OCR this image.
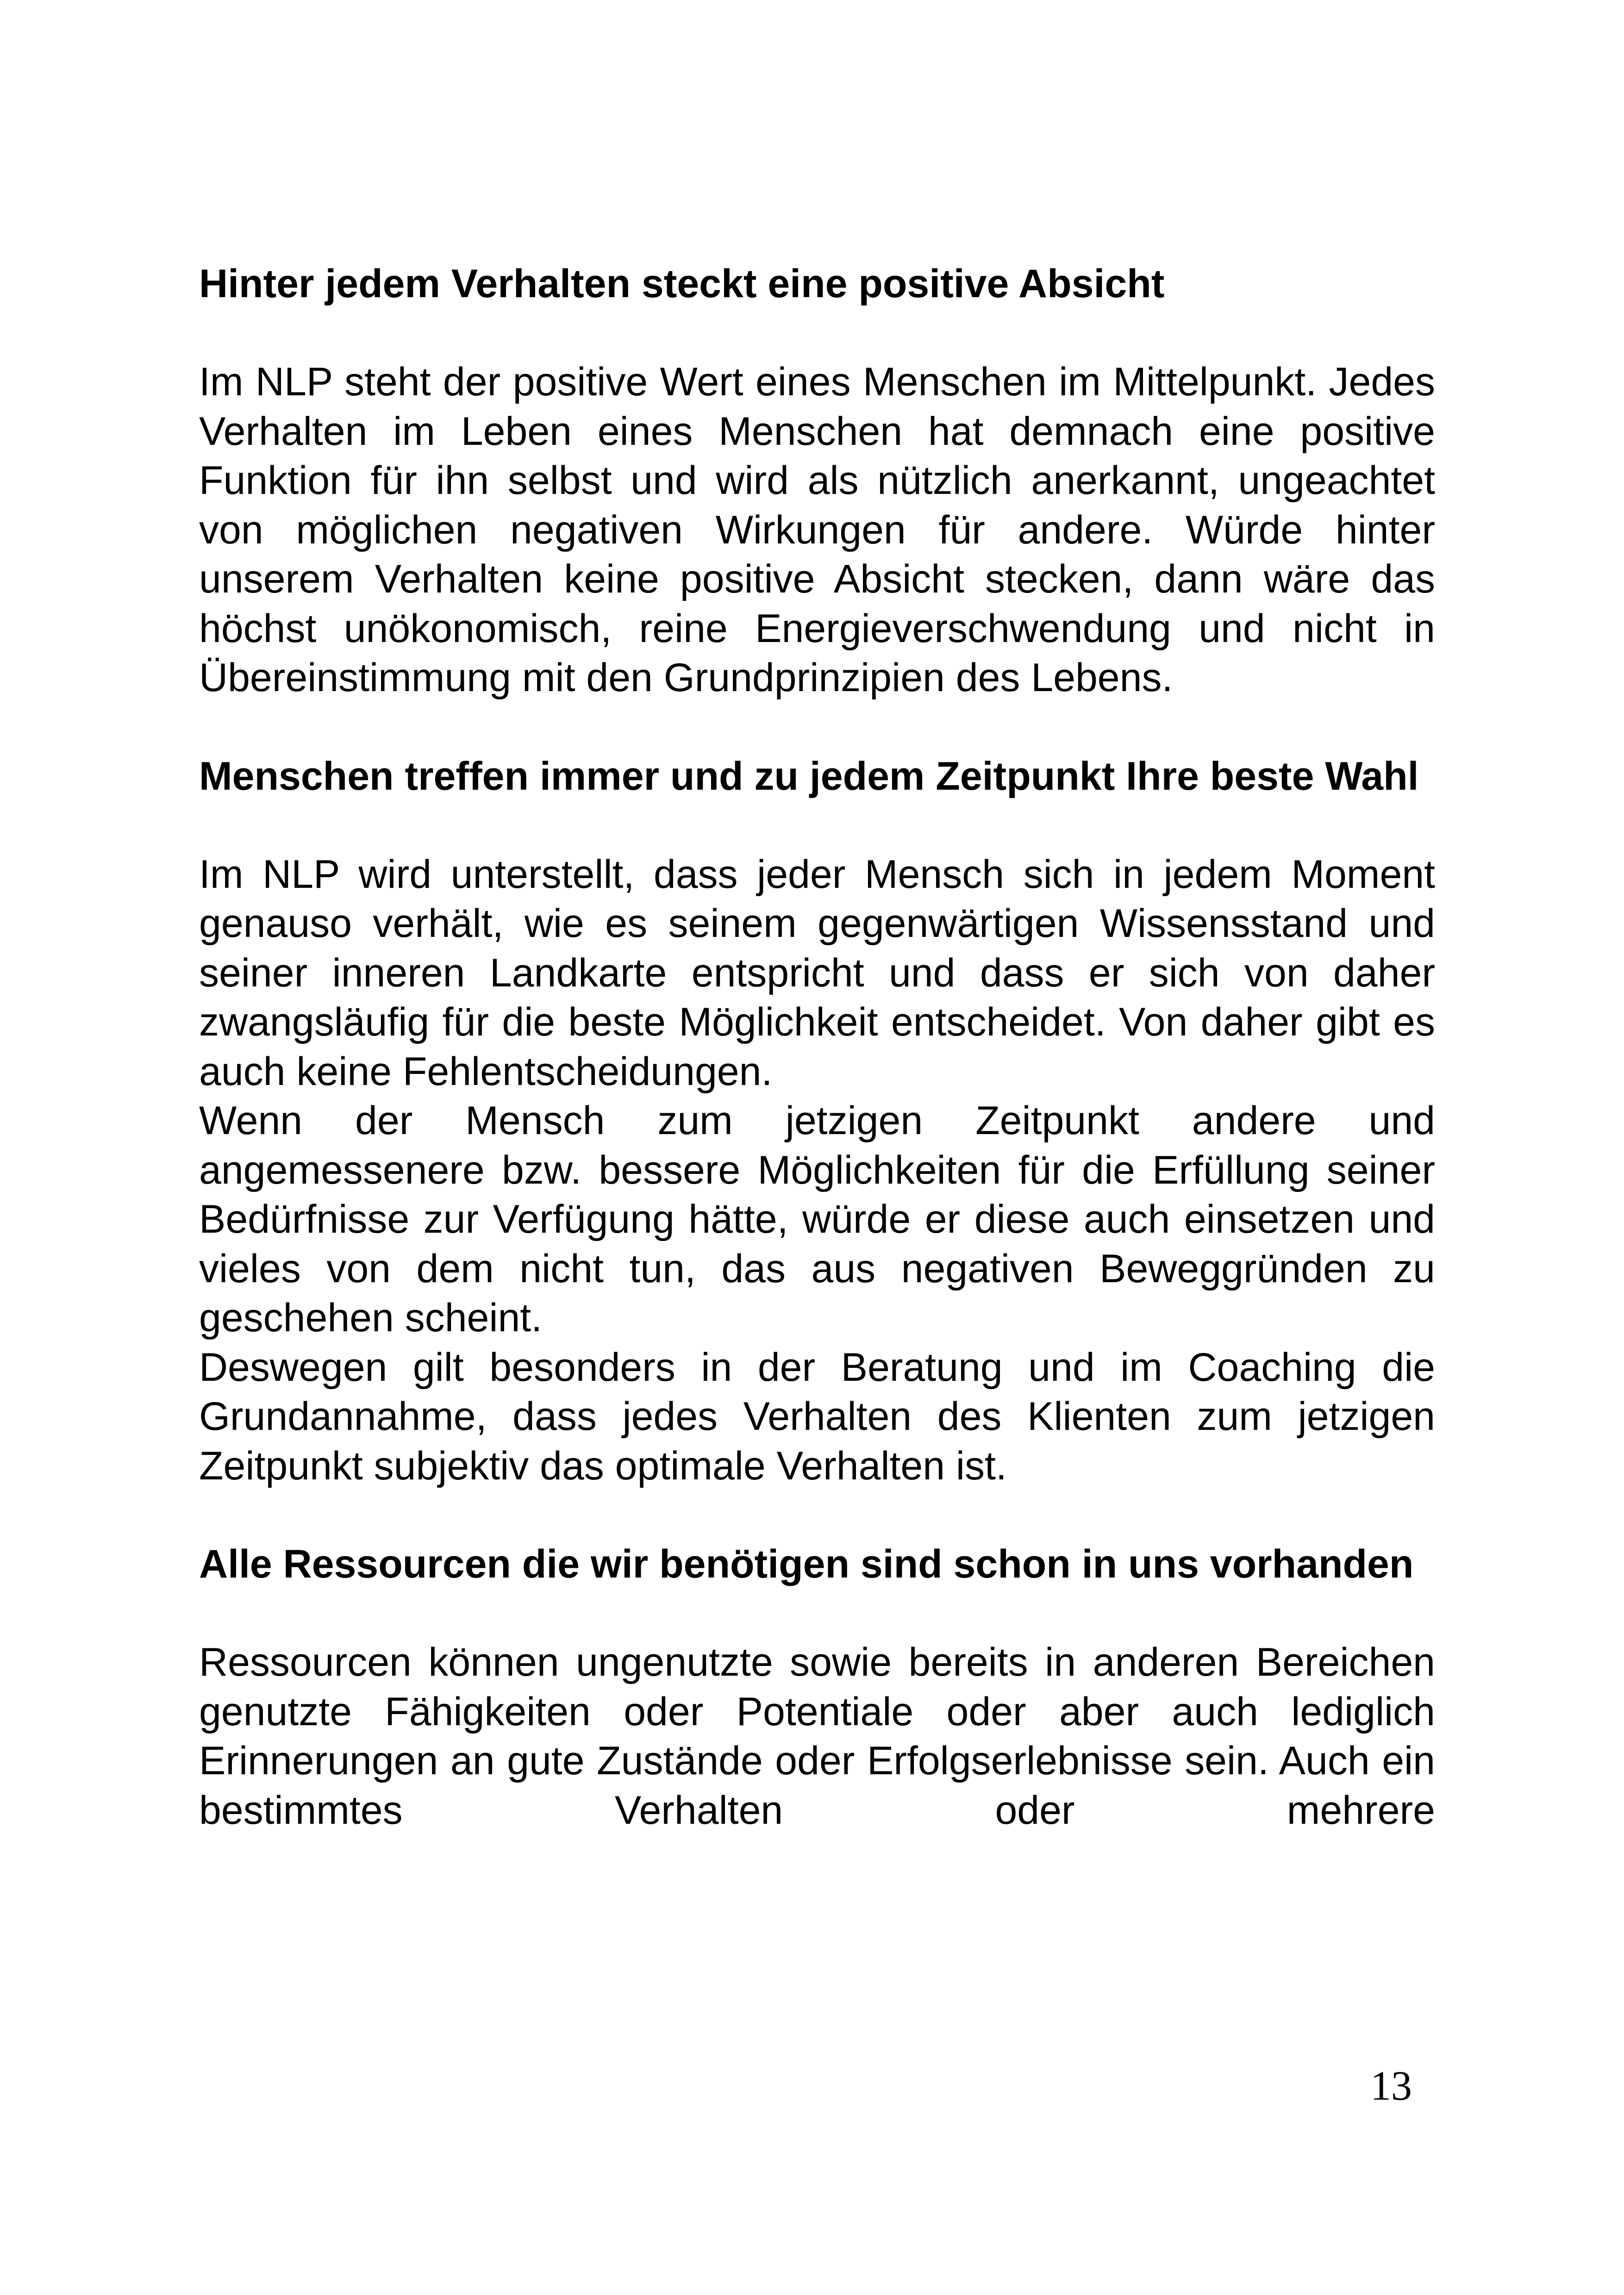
Hinter jedem Verhalten steckt eine positive Absicht

Im NLP steht der positive Wert eines Menschen im Mittelpunkt. Jedes Verhalten im Leben eines Menschen hat demnach eine positive Funktion für ihn selbst und wird als nützlich anerkannt, ungeachtet von möglichen negativen Wirkungen für andere. Würde hinter unserem Verhalten keine positive Absicht stecken, dann wäre das höchst unökonomisch, reine Energieverschwendung und nicht in Übereinstimmung mit den Grundprinzipien des Lebens.

Menschen treffen immer und zu jedem Zeitpunkt Ihre beste Wahl

Im NLP wird unterstellt, dass jeder Mensch sich in jedem Moment genauso verhält, wie es seinem gegenwärtigen Wissensstand und seiner inneren Landkarte entspricht und dass er sich von daher zwangsläufig für die beste Möglichkeit entscheidet. Von daher gibt es auch keine Fehlentscheidungen.

Wenn der Mensch zum jetzigen Zeitpunkt andere und angemessenere bzw. bessere Möglichkeiten für die Erfüllung seiner Bedürfnisse zur Verfügung hätte, würde er diese auch einsetzen und vieles von dem nicht tun, das aus negativen Beweggründen zu geschehen scheint.

Deswegen gilt besonders in der Beratung und im Coaching die Grundannahme, dass jedes Verhalten des Klienten zum jetzigen Zeitpunkt subjektiv das optimale Verhalten ist.

Alle Ressourcen die wir benötigen sind schon in uns vorhanden

Ressourcen können ungenutzte sowie bereits in anderen Bereichen genutzte Fähigkeiten oder Potentiale oder aber auch lediglich Erinnerungen an gute Zustände oder Erfolgserlebnisse sein. Auch ein bestimmtes Verhalten oder mehrere

13
